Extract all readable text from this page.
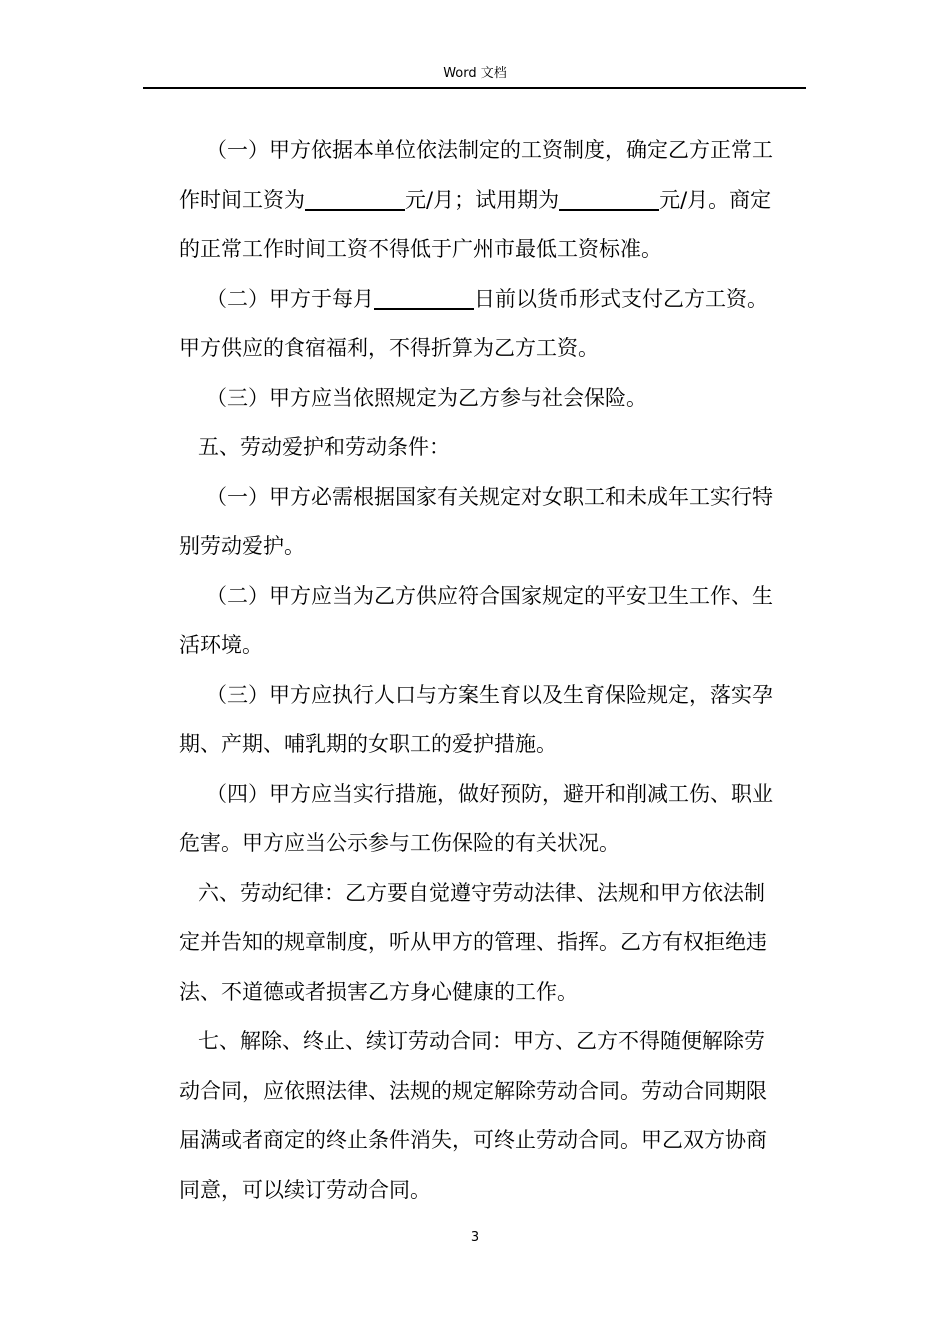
Word 文档
（一）甲方依据本单位依法制定的工资制度，确定乙方正常工
作时间工资为	元/月；试用期为	元/月。商定
的正常工作时间工资不得低于广州市最低工资标准。
（二）甲方于每月	日前以货币形式支付乙方工资。
甲方供应的食宿福利，不得折算为乙方工资。
（三）甲方应当依照规定为乙方参与社会保险。
五、劳动爱护和劳动条件：
（一）甲方必需根据国家有关规定对女职工和未成年工实行特
别劳动爱护。
（二）甲方应当为乙方供应符合国家规定的平安卫生工作、生
活环境。
（三）甲方应执行人口与方案生育以及生育保险规定，落实孕
期、产期、哺乳期的女职工的爱护措施。
（四）甲方应当实行措施，做好预防，避开和削减工伤、职业
危害。甲方应当公示参与工伤保险的有关状况。
六、劳动纪律：乙方要自觉遵守劳动法律、法规和甲方依法制
定并告知的规章制度，听从甲方的管理、指挥。乙方有权拒绝违
法、不道德或者损害乙方身心健康的工作。
七、解除、终止、续订劳动合同：甲方、乙方不得随便解除劳
动合同，应依照法律、法规的规定解除劳动合同。劳动合同期限
届满或者商定的终止条件消失，可终止劳动合同。甲乙双方协商
同意，可以续订劳动合同。
3
